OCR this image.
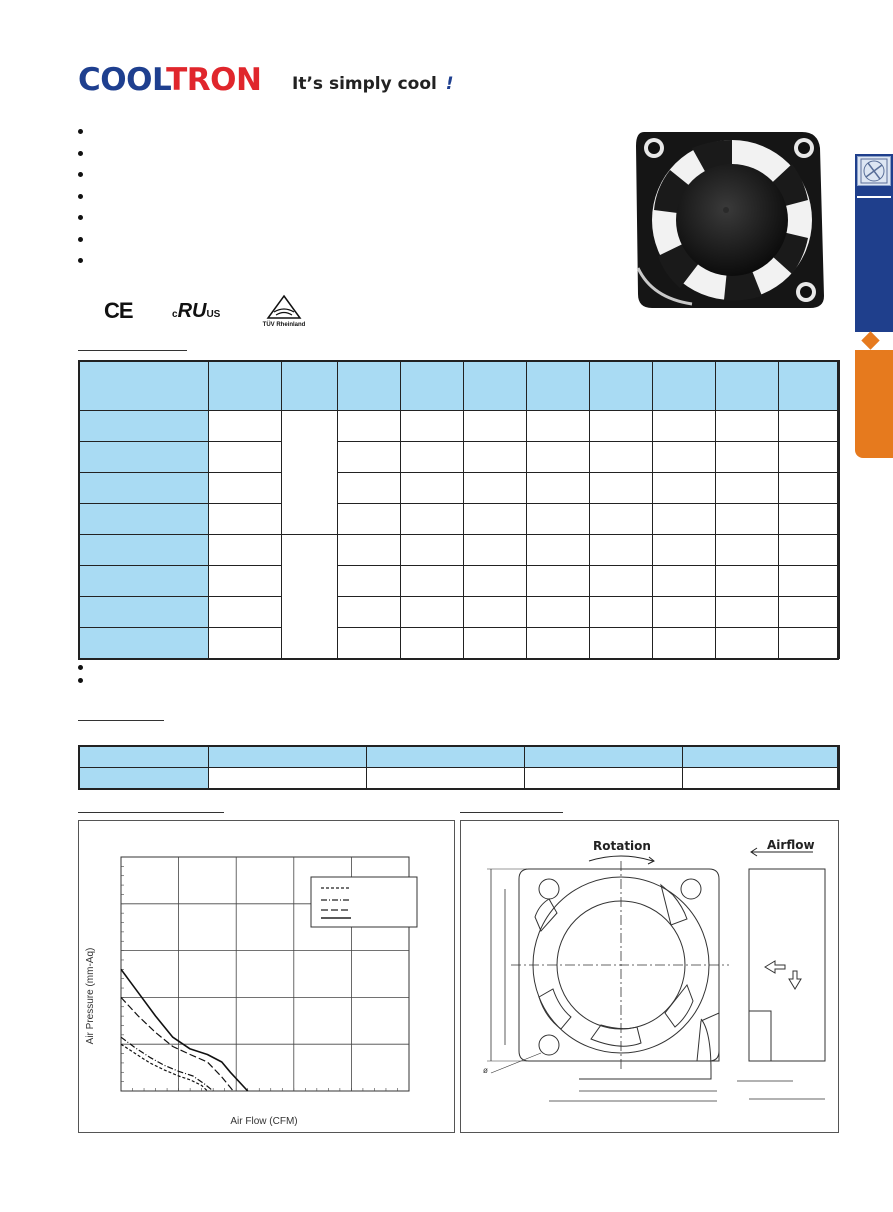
COOLTRON It’s simply cool !
CE	cRUUS
TÜV Rheinland

Air Flow (CFM)
Air Pressure (mm-Aq)
Rotation	Airflow
ø
